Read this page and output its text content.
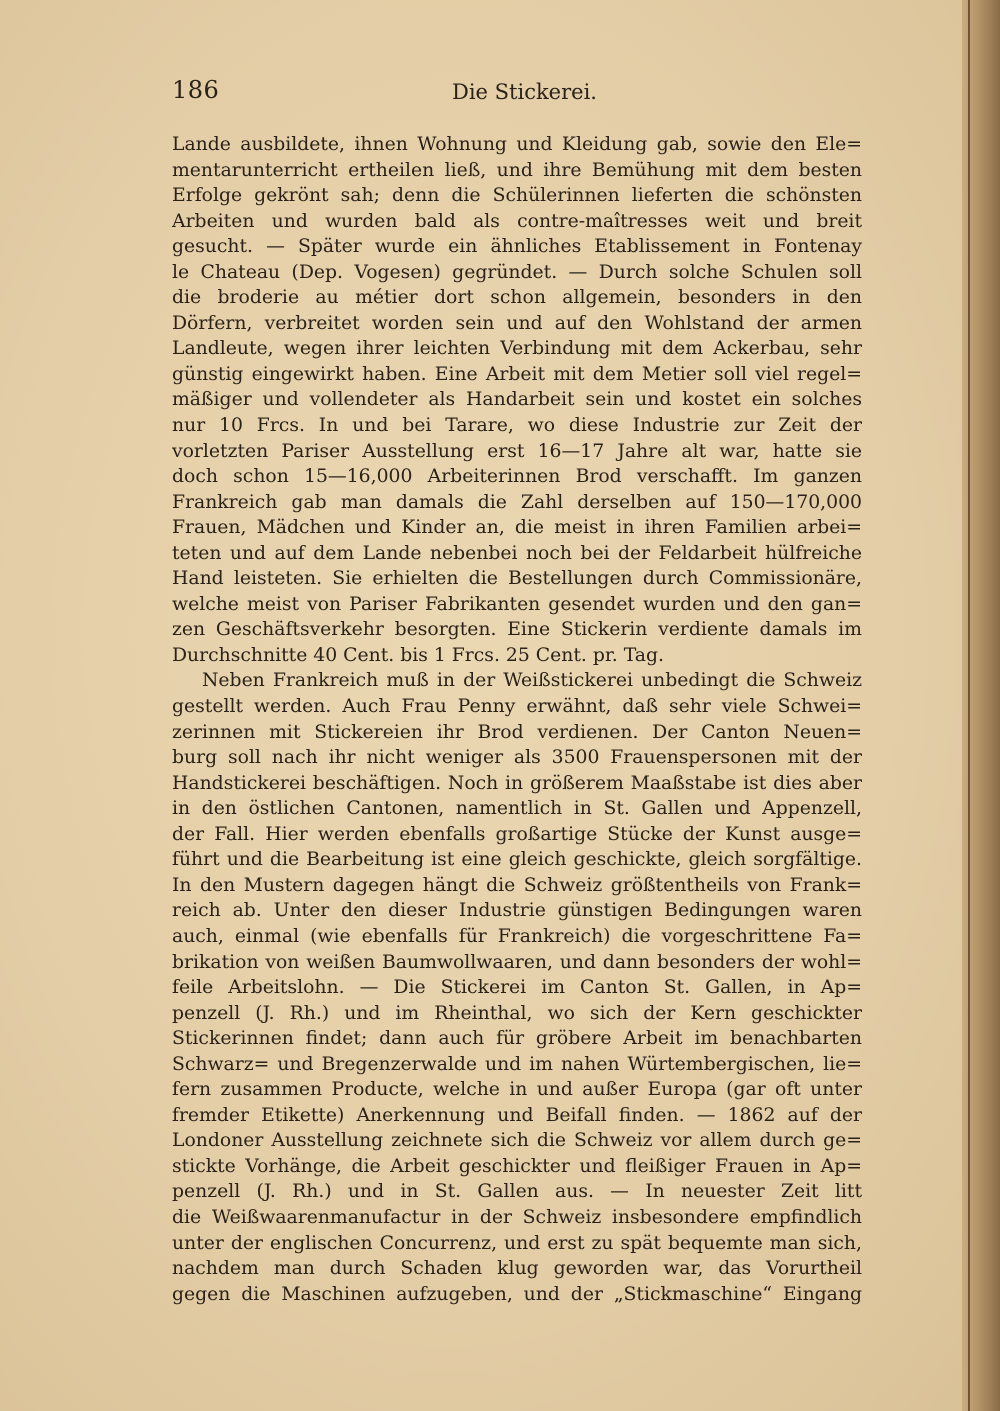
186	Die Stickerei.
Lande ausbildete, ihnen Wohnung und Kleidung gab, sowie den Ele=
mentarunterricht ertheilen ließ, und ihre Bemühung mit dem besten
Erfolge gekrönt sah; denn die Schülerinnen lieferten die schönsten
Arbeiten und wurden bald als contre-maîtresses weit und breit
gesucht. — Später wurde ein ähnliches Etablissement in Fontenay
le Chateau (Dep. Vogesen) gegründet. — Durch solche Schulen soll
die broderie au métier dort schon allgemein, besonders in den
Dörfern, verbreitet worden sein und auf den Wohlstand der armen
Landleute, wegen ihrer leichten Verbindung mit dem Ackerbau, sehr
günstig eingewirkt haben. Eine Arbeit mit dem Metier soll viel regel=
mäßiger und vollendeter als Handarbeit sein und kostet ein solches
nur 10 Frcs. In und bei Tarare, wo diese Industrie zur Zeit der
vorletzten Pariser Ausstellung erst 16—17 Jahre alt war, hatte sie
doch schon 15—16,000 Arbeiterinnen Brod verschafft. Im ganzen
Frankreich gab man damals die Zahl derselben auf 150—170,000
Frauen, Mädchen und Kinder an, die meist in ihren Familien arbei=
teten und auf dem Lande nebenbei noch bei der Feldarbeit hülfreiche
Hand leisteten. Sie erhielten die Bestellungen durch Commissionäre,
welche meist von Pariser Fabrikanten gesendet wurden und den gan=
zen Geschäftsverkehr besorgten. Eine Stickerin verdiente damals im
Durchschnitte 40 Cent. bis 1 Frcs. 25 Cent. pr. Tag.
Neben Frankreich muß in der Weißstickerei unbedingt die Schweiz
gestellt werden. Auch Frau Penny erwähnt, daß sehr viele Schwei=
zerinnen mit Stickereien ihr Brod verdienen. Der Canton Neuen=
burg soll nach ihr nicht weniger als 3500 Frauenspersonen mit der
Handstickerei beschäftigen. Noch in größerem Maaßstabe ist dies aber
in den östlichen Cantonen, namentlich in St. Gallen und Appenzell,
der Fall. Hier werden ebenfalls großartige Stücke der Kunst ausge=
führt und die Bearbeitung ist eine gleich geschickte, gleich sorgfältige.
In den Mustern dagegen hängt die Schweiz größtentheils von Frank=
reich ab. Unter den dieser Industrie günstigen Bedingungen waren
auch, einmal (wie ebenfalls für Frankreich) die vorgeschrittene Fa=
brikation von weißen Baumwollwaaren, und dann besonders der wohl=
feile Arbeitslohn. — Die Stickerei im Canton St. Gallen, in Ap=
penzell (J. Rh.) und im Rheinthal, wo sich der Kern geschickter
Stickerinnen findet; dann auch für gröbere Arbeit im benachbarten
Schwarz= und Bregenzerwalde und im nahen Würtembergischen, lie=
fern zusammen Producte, welche in und außer Europa (gar oft unter
fremder Etikette) Anerkennung und Beifall finden. — 1862 auf der
Londoner Ausstellung zeichnete sich die Schweiz vor allem durch ge=
stickte Vorhänge, die Arbeit geschickter und fleißiger Frauen in Ap=
penzell (J. Rh.) und in St. Gallen aus. — In neuester Zeit litt
die Weißwaarenmanufactur in der Schweiz insbesondere empfindlich
unter der englischen Concurrenz, und erst zu spät bequemte man sich,
nachdem man durch Schaden klug geworden war, das Vorurtheil
gegen die Maschinen aufzugeben, und der „Stickmaschine“ Eingang
